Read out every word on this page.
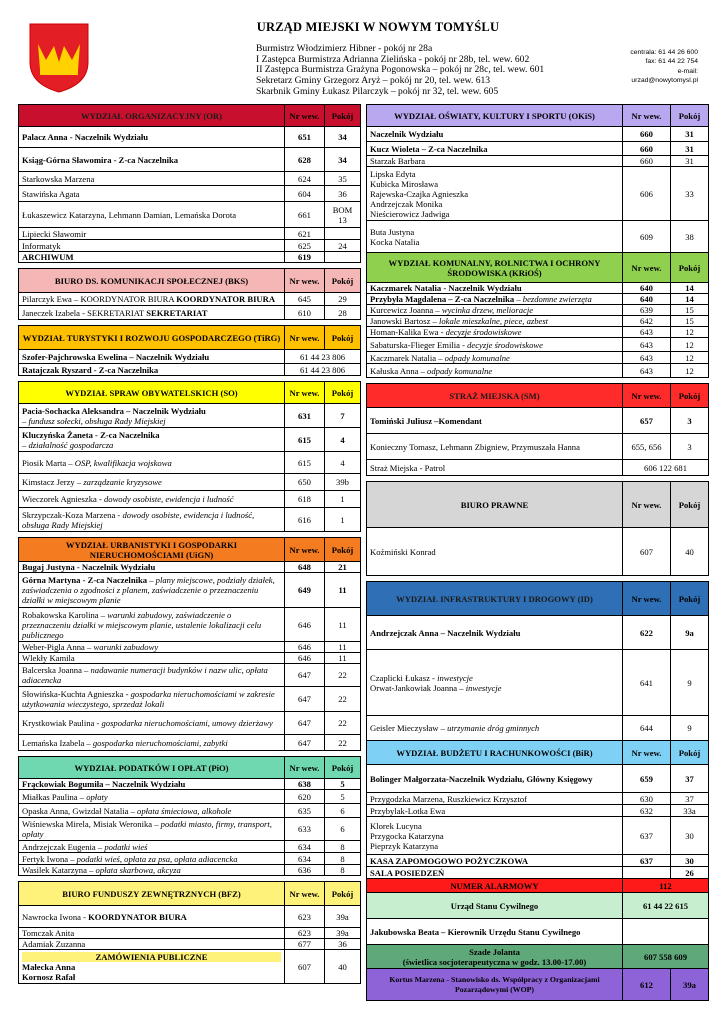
URZĄD MIEJSKI W NOWYM TOMYŚLU
Burmistrz Włodzimierz Hibner - pokój nr 28a
I Zastępca Burmistrza Adrianna Zielińska - pokój nr 28b, tel. wew. 602
II Zastępca Burmistrza Grażyna Pogonowska – pokój nr 28c, tel. wew. 601
Sekretarz Gminy Grzegorz Aryż – pokój nr 20, tel. wew. 613
Skarbnik Gminy Łukasz Pilarczyk – pokój nr 32, tel. wew. 605
centrala: 61 44 26 600
fax: 61 44 22 754
e-mail:
urzad@nowytomysl.pl
WYDZIAŁ ORGANIZACYJNY (OR)	Nr wew.	Pokój
Palacz Anna - Naczelnik Wydziału	651	34
Ksiąg-Górna Sławomira - Z-ca Naczelnika	628	34
Starkowska Marzena	624	35
Stawińska Agata	604	36
Łukaszewicz Katarzyna, Lehmann Damian, Lemańska Dorota	661	BOM
13
Lipiecki Sławomir	621	
Informatyk	625	24
ARCHIWUM	619	

BIURO DS. KOMUNIKACJI SPOŁECZNEJ (BKS)	Nr wew.	Pokój
Pilarczyk Ewa – KOORDYNATOR BIURA KOORDYNATOR BIURA	645	29
Janeczek Izabela - SEKRETARIAT SEKRETARIAT	610	28

WYDZIAŁ TURYSTYKI I ROZWOJU GOSPODARCZEGO (TiRG)	Nr wew.	Pokój
Szofer-Pajchrowska Ewelina – Naczelnik Wydziału	61 44 23 806	
Ratajczak Ryszard - Z-ca Naczelnika	61 44 23 806	

WYDZIAŁ SPRAW OBYWATELSKICH (SO)	Nr wew.	Pokój
Pacia-Sochacka Aleksandra – Naczelnik Wydziału
– fundusz sołecki, obsługa Rady Miejskiej	631	7
Kluczyńska Żaneta - Z-ca Naczelnika
– działalność gospodarcza	615	4
Piosik Marta – OSP, kwalifikacja wojskowa	615	4
Kimstacz Jerzy – zarządzanie kryzysowe	650	39b
Wieczorek Agnieszka - dowody osobiste, ewidencja i ludność	618	1
Skrzypczak-Koza Marzena - dowody osobiste, ewidencja i ludność, obsługa Rady Miejskiej	616	1

WYDZIAŁ URBANISTYKI I GOSPODARKI NIERUCHOMOŚCIAMI (UiGN)	Nr wew.	Pokój
Bugaj Justyna - Naczelnik Wydziału	648	21
Górna Martyna - Z-ca Naczelnika – plany miejscowe, podziały działek, zaświadczenia o zgodności z planem, zaświadczenie o przeznaczeniu działki w miejscowym planie	649	11
Robakowska Karolina – warunki zabudowy, zaświadczenie o przeznaczeniu działki w miejscowym planie, ustalenie lokalizacji celu publicznego	646	11
Weber-Pigla Anna – warunki zabudowy	646	11
Wlekły Kamila	646	11
Balcerska Joanna – nadawanie numeracji budynków i nazw ulic, opłata adiacencka	647	22
Słowińska-Kuchta Agnieszka - gospodarka nieruchomościami w zakresie użytkowania wieczystego, sprzedaż lokali	647	22
Krystkowiak Paulina - gospodarka nieruchomościami, umowy dzierżawy	647	22
Lemańska Izabela – gospodarka nieruchomościami, zabytki	647	22

WYDZIAŁ PODATKÓW I OPŁAT (PiO)	Nr wew.	Pokój
Frąckowiak Bogumiła – Naczelnik Wydziału	638	5
Miałkas Paulina – opłaty	620	5
Opaska Anna, Gwizdał Natalia – opłata śmieciowa, alkohole	635	6
Wiśniewska Mirela, Misiak Weronika – podatki miasto, firmy, transport, opłaty	633	6
Andrzejczak Eugenia – podatki wieś	634	8
Fertyk Iwona – podatki wieś, opłata za psa, opłata adiacencka	634	8
Wasilek Katarzyna – opłata skarbowa, akcyza	636	8

BIURO FUNDUSZY ZEWNĘTRZNYCH (BFZ)	Nr wew.	Pokój
Nawrocka Iwona - KOORDYNATOR BIURA	623	39a
Tomczak Anita	623	39a
Adamiak Zuzanna	677	36

ZAMÓWIENIA PUBLICZNE
Małecka Anna
Kornosz Rafał	607	40
WYDZIAŁ OŚWIATY, KULTURY I SPORTU (OKiS)	Nr wew.	Pokój
Naczelnik Wydziału	660	31
Kucz Wioleta – Z-ca Naczelnika	660	31
Starzak Barbara	660	31

Lipska Edyta
Kubicka Mirosława
Rajewska-Czajka Agnieszka
Andrzejczak Monika
Nieścierowicz Jadwiga	606	33

Buta Justyna
Kocka Natalia	609	38
WYDZIAŁ KOMUNALNY, ROLNICTWA I OCHRONY ŚRODOWISKA (KRiOŚ)	Nr wew.	Pokój
Kaczmarek Natalia - Naczelnik Wydziału	640	14
Przybyła Magdalena – Z-ca Naczelnika – bezdomne zwierzęta	640	14
Kurcewicz Joanna – wycinka drzew, melioracje	639	15
Janowski Bartosz – lokale mieszkalne, piece, azbest	642	15
Homan-Kalika Ewa - decyzje środowiskowe	643	12
Sabaturska-Flieger Emilia - decyzje środowiskowe	643	12
Kaczmarek Natalia – odpady komunalne	643	12
Kałuska Anna – odpady komunalne	643	12

STRAŻ MIEJSKA (SM)	Nr wew.	Pokój
Tomiński Juliusz –Komendant	657	3
Konieczny Tomasz, Lehmann Zbigniew, Przymuszała Hanna	655, 656	3
Straż Miejska - Patrol	606 122 681	

BIURO PRAWNE	Nr wew.	Pokój
Koźmiński Konrad	607	40

WYDZIAŁ INFRASTRUKTURY I DROGOWY (ID)	Nr wew.	Pokój
Andrzejczak Anna – Naczelnik Wydziału	622	9a

Czaplicki Łukasz - inwestycje
Orwat-Jankowiak Joanna – inwestycje	641	9
Geisler Mieczysław – utrzymanie dróg gminnych	644	9
WYDZIAŁ BUDŻETU I RACHUNKOWOŚCI (BiR)	Nr wew.	Pokój
Bolinger Małgorzata-Naczelnik Wydziału, Główny Księgowy	659	37
Przygodzka Marzena, Ruszkiewicz Krzysztof	630	37
Przybylak-Lotka Ewa	632	33a

Klorek Lucyna
Przygocka Katarzyna
Pieprzyk Katarzyna	637	30
KASA ZAPOMOGOWO POŻYCZKOWA	637	30
SALA POSIEDZEŃ		26
NUMER ALARMOWY	112	
Urząd Stanu Cywilnego	61 44 22 615	
Jakubowska Beata – Kierownik Urzędu Stanu Cywilnego		
Szade Jolanta
(świetlica socjoterapeutyczna w godz. 13.00-17.00)	607 558 609	
Kortus Marzena - Stanowisko ds. Współpracy z Organizacjami Pozarządowymi (WOP)	612	39a
